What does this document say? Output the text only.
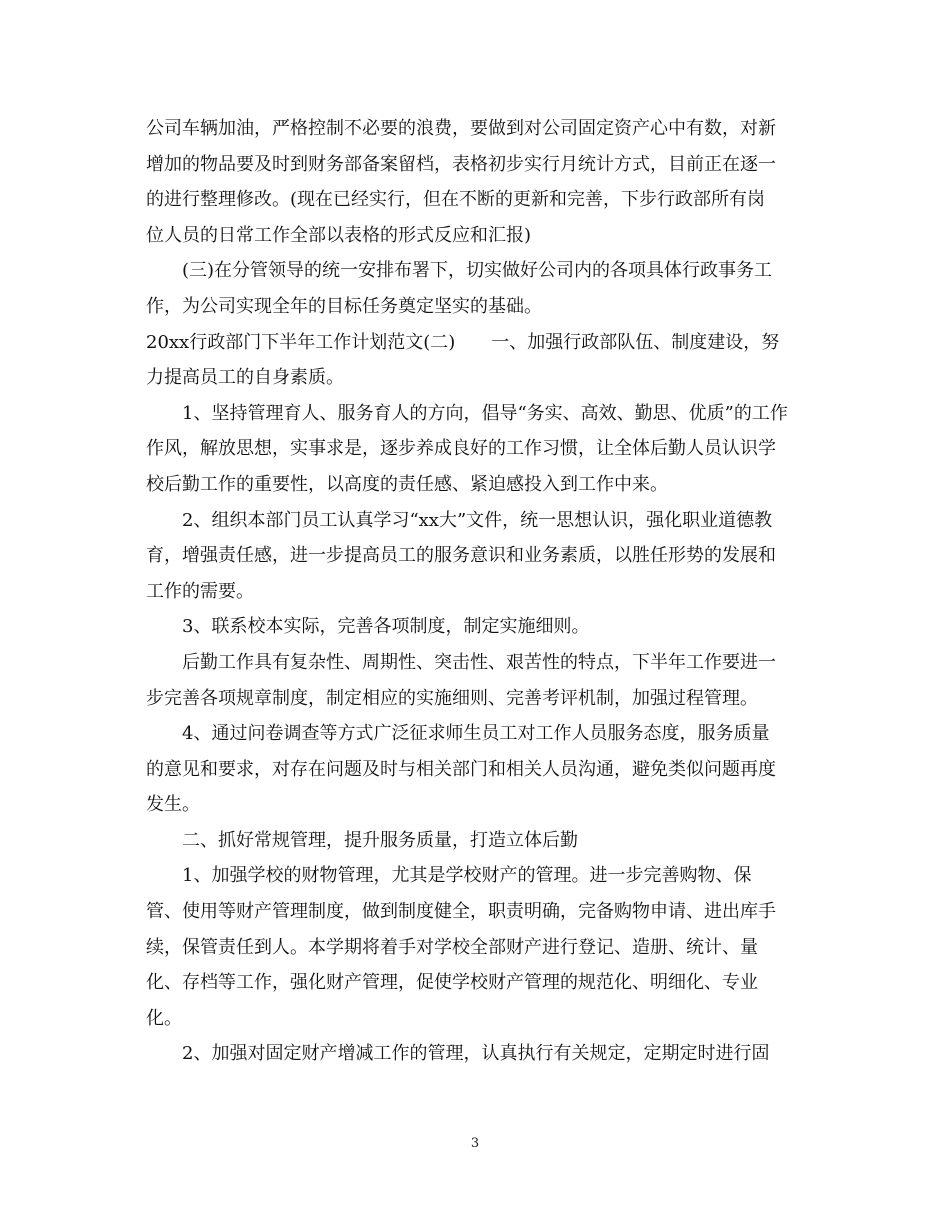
公司车辆加油，严格控制不必要的浪费，要做到对公司固定资产心中有数，对新
增加的物品要及时到财务部备案留档，表格初步实行月统计方式，目前正在逐一
的进行整理修改。(现在已经实行，但在不断的更新和完善，下步行政部所有岗
位人员的日常工作全部以表格的形式反应和汇报)
(三)在分管领导的统一安排布署下，切实做好公司内的各项具体行政事务工
作，为公司实现全年的目标任务奠定坚实的基础。
20xx行政部门下半年工作计划范文(二)　　一、加强行政部队伍、制度建设，努
力提高员工的自身素质。
1、坚持管理育人、服务育人的方向，倡导“务实、高效、勤思、优质”的工作
作风，解放思想，实事求是，逐步养成良好的工作习惯，让全体后勤人员认识学
校后勤工作的重要性，以高度的责任感、紧迫感投入到工作中来。
2、组织本部门员工认真学习“xx大”文件，统一思想认识，强化职业道德教
育，增强责任感，进一步提高员工的服务意识和业务素质，以胜任形势的发展和
工作的需要。
3、联系校本实际，完善各项制度，制定实施细则。
后勤工作具有复杂性、周期性、突击性、艰苦性的特点，下半年工作要进一
步完善各项规章制度，制定相应的实施细则、完善考评机制，加强过程管理。
4、通过问卷调查等方式广泛征求师生员工对工作人员服务态度，服务质量
的意见和要求，对存在问题及时与相关部门和相关人员沟通，避免类似问题再度
发生。
二、抓好常规管理，提升服务质量，打造立体后勤
1、加强学校的财物管理，尤其是学校财产的管理。进一步完善购物、保
管、使用等财产管理制度，做到制度健全，职责明确，完备购物申请、进出库手
续，保管责任到人。本学期将着手对学校全部财产进行登记、造册、统计、量
化、存档等工作，强化财产管理，促使学校财产管理的规范化、明细化、专业
化。
2、加强对固定财产增减工作的管理，认真执行有关规定，定期定时进行固
3
